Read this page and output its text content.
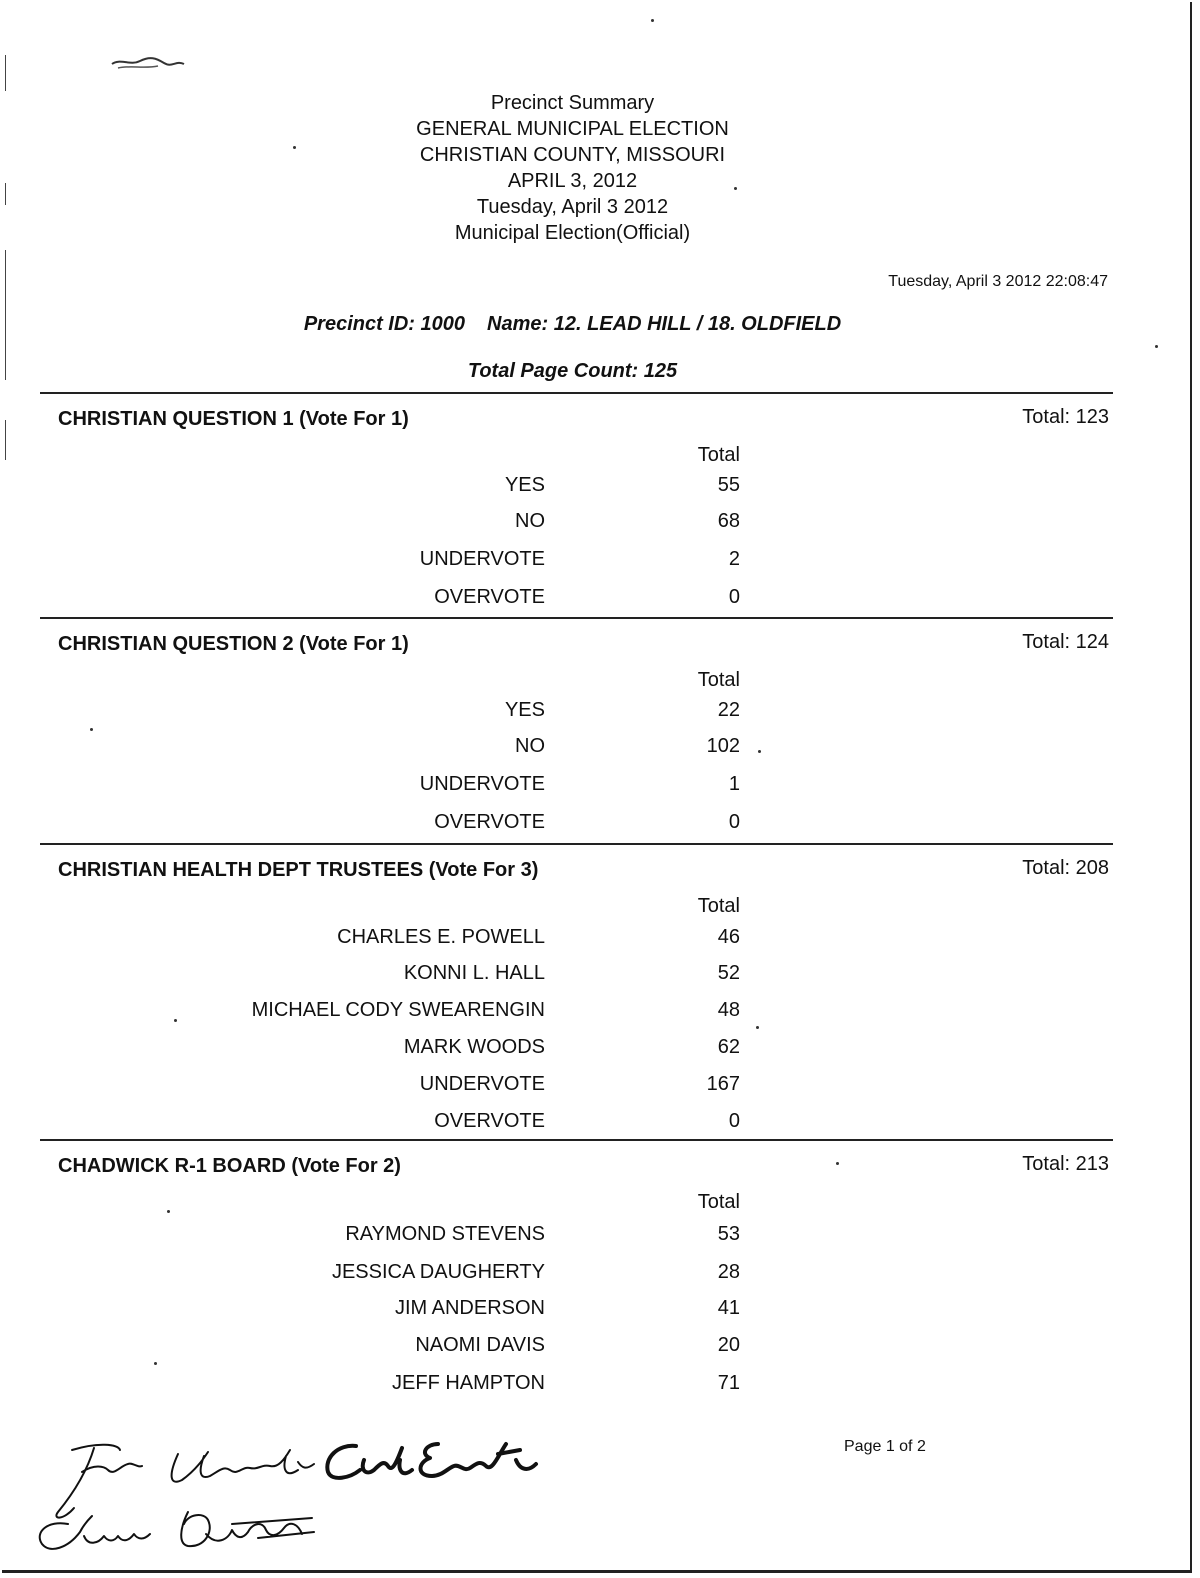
Precinct Summary
GENERAL MUNICIPAL ELECTION
CHRISTIAN COUNTY, MISSOURI
APRIL 3, 2012
Tuesday, April 3 2012
Municipal Election(Official)
Tuesday, April 3 2012 22:08:47
Precinct ID: 1000 Name: 12. LEAD HILL / 18. OLDFIELD
Total Page Count: 125
CHRISTIAN QUESTION 1 (Vote For 1)	Total: 123
Total
YES	55
NO	68
UNDERVOTE	2
OVERVOTE	0
CHRISTIAN QUESTION 2 (Vote For 1)	Total: 124
Total
YES	22
NO	102
UNDERVOTE	1
OVERVOTE	0
CHRISTIAN HEALTH DEPT TRUSTEES (Vote For 3)	Total: 208
Total
CHARLES E. POWELL	46
KONNI L. HALL	52
MICHAEL CODY SWEARENGIN	48
MARK WOODS	62
UNDERVOTE	167
OVERVOTE	0
CHADWICK R-1 BOARD (Vote For 2)	Total: 213
Total
RAYMOND STEVENS	53
JESSICA DAUGHERTY	28
JIM ANDERSON	41
NAOMI DAVIS	20
JEFF HAMPTON	71
Page 1 of 2
